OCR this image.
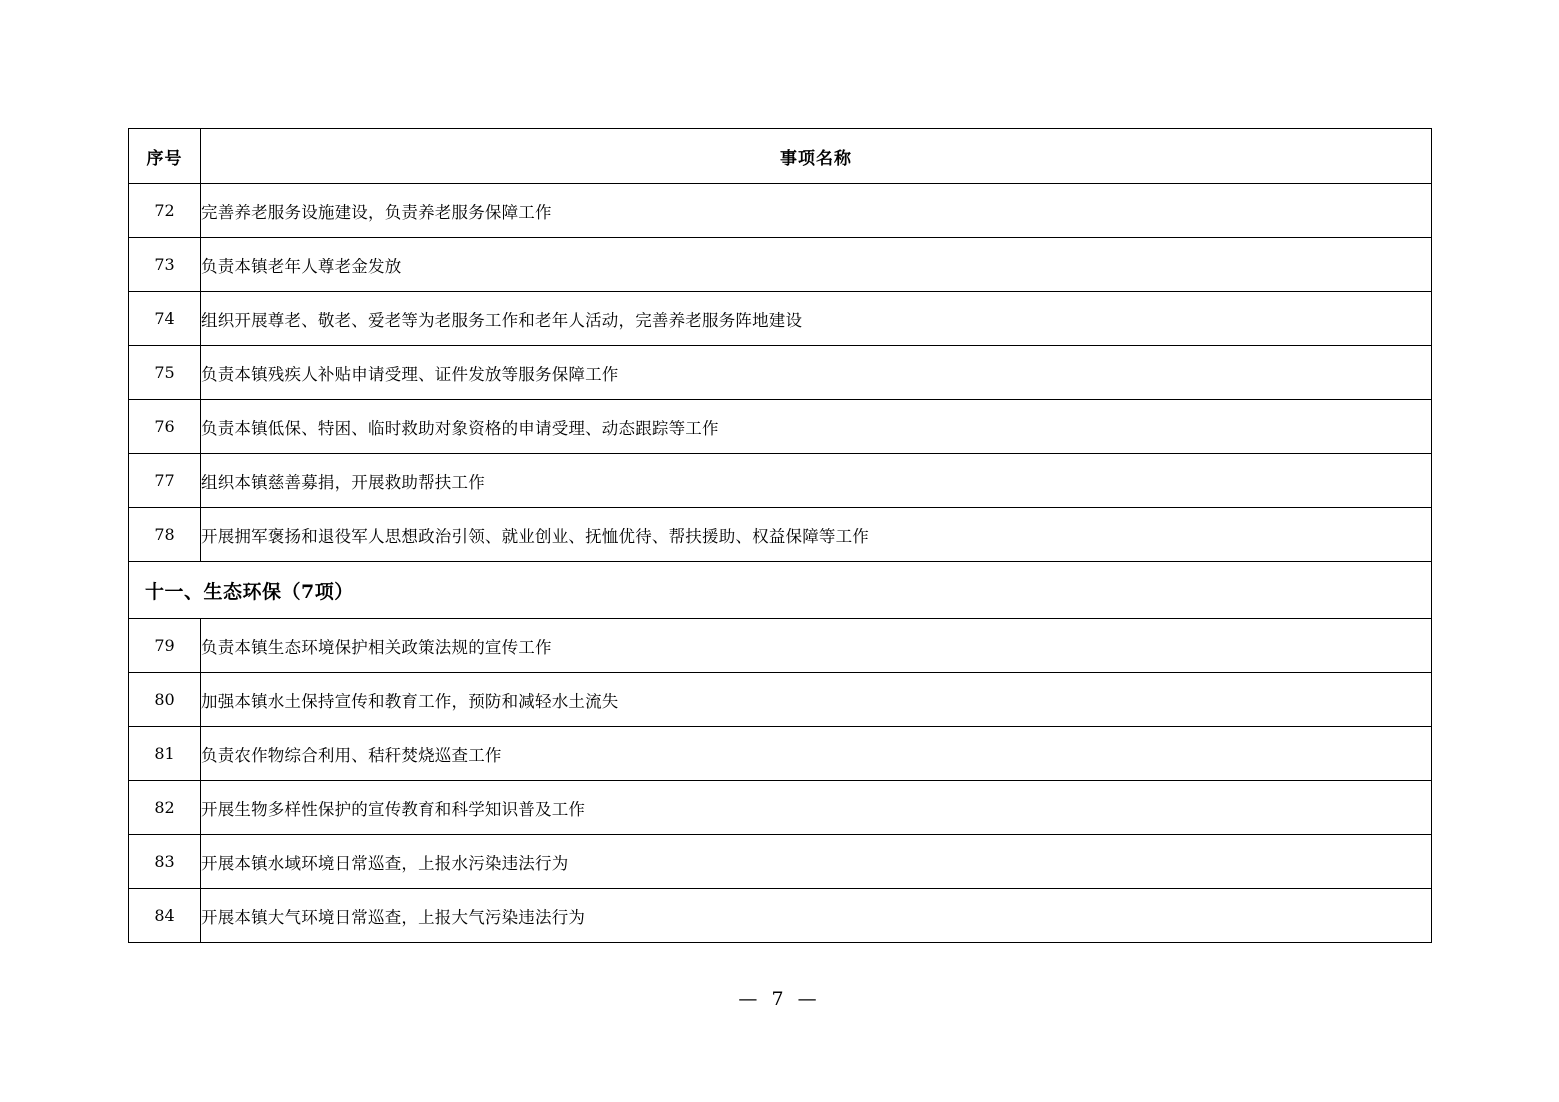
序号	事项名称
72	完善养老服务设施建设，负责养老服务保障工作
73	负责本镇老年人尊老金发放
74	组织开展尊老、敬老、爱老等为老服务工作和老年人活动，完善养老服务阵地建设
75	负责本镇残疾人补贴申请受理、证件发放等服务保障工作
76	负责本镇低保、特困、临时救助对象资格的申请受理、动态跟踪等工作
77	组织本镇慈善募捐，开展救助帮扶工作
78	开展拥军褒扬和退役军人思想政治引领、就业创业、抚恤优待、帮扶援助、权益保障等工作
十一、生态环保（7项）	
79	负责本镇生态环境保护相关政策法规的宣传工作
80	加强本镇水土保持宣传和教育工作，预防和减轻水土流失
81	负责农作物综合利用、秸秆焚烧巡查工作
82	开展生物多样性保护的宣传教育和科学知识普及工作
83	开展本镇水域环境日常巡查，上报水污染违法行为
84	开展本镇大气环境日常巡查，上报大气污染违法行为
— 7 —
